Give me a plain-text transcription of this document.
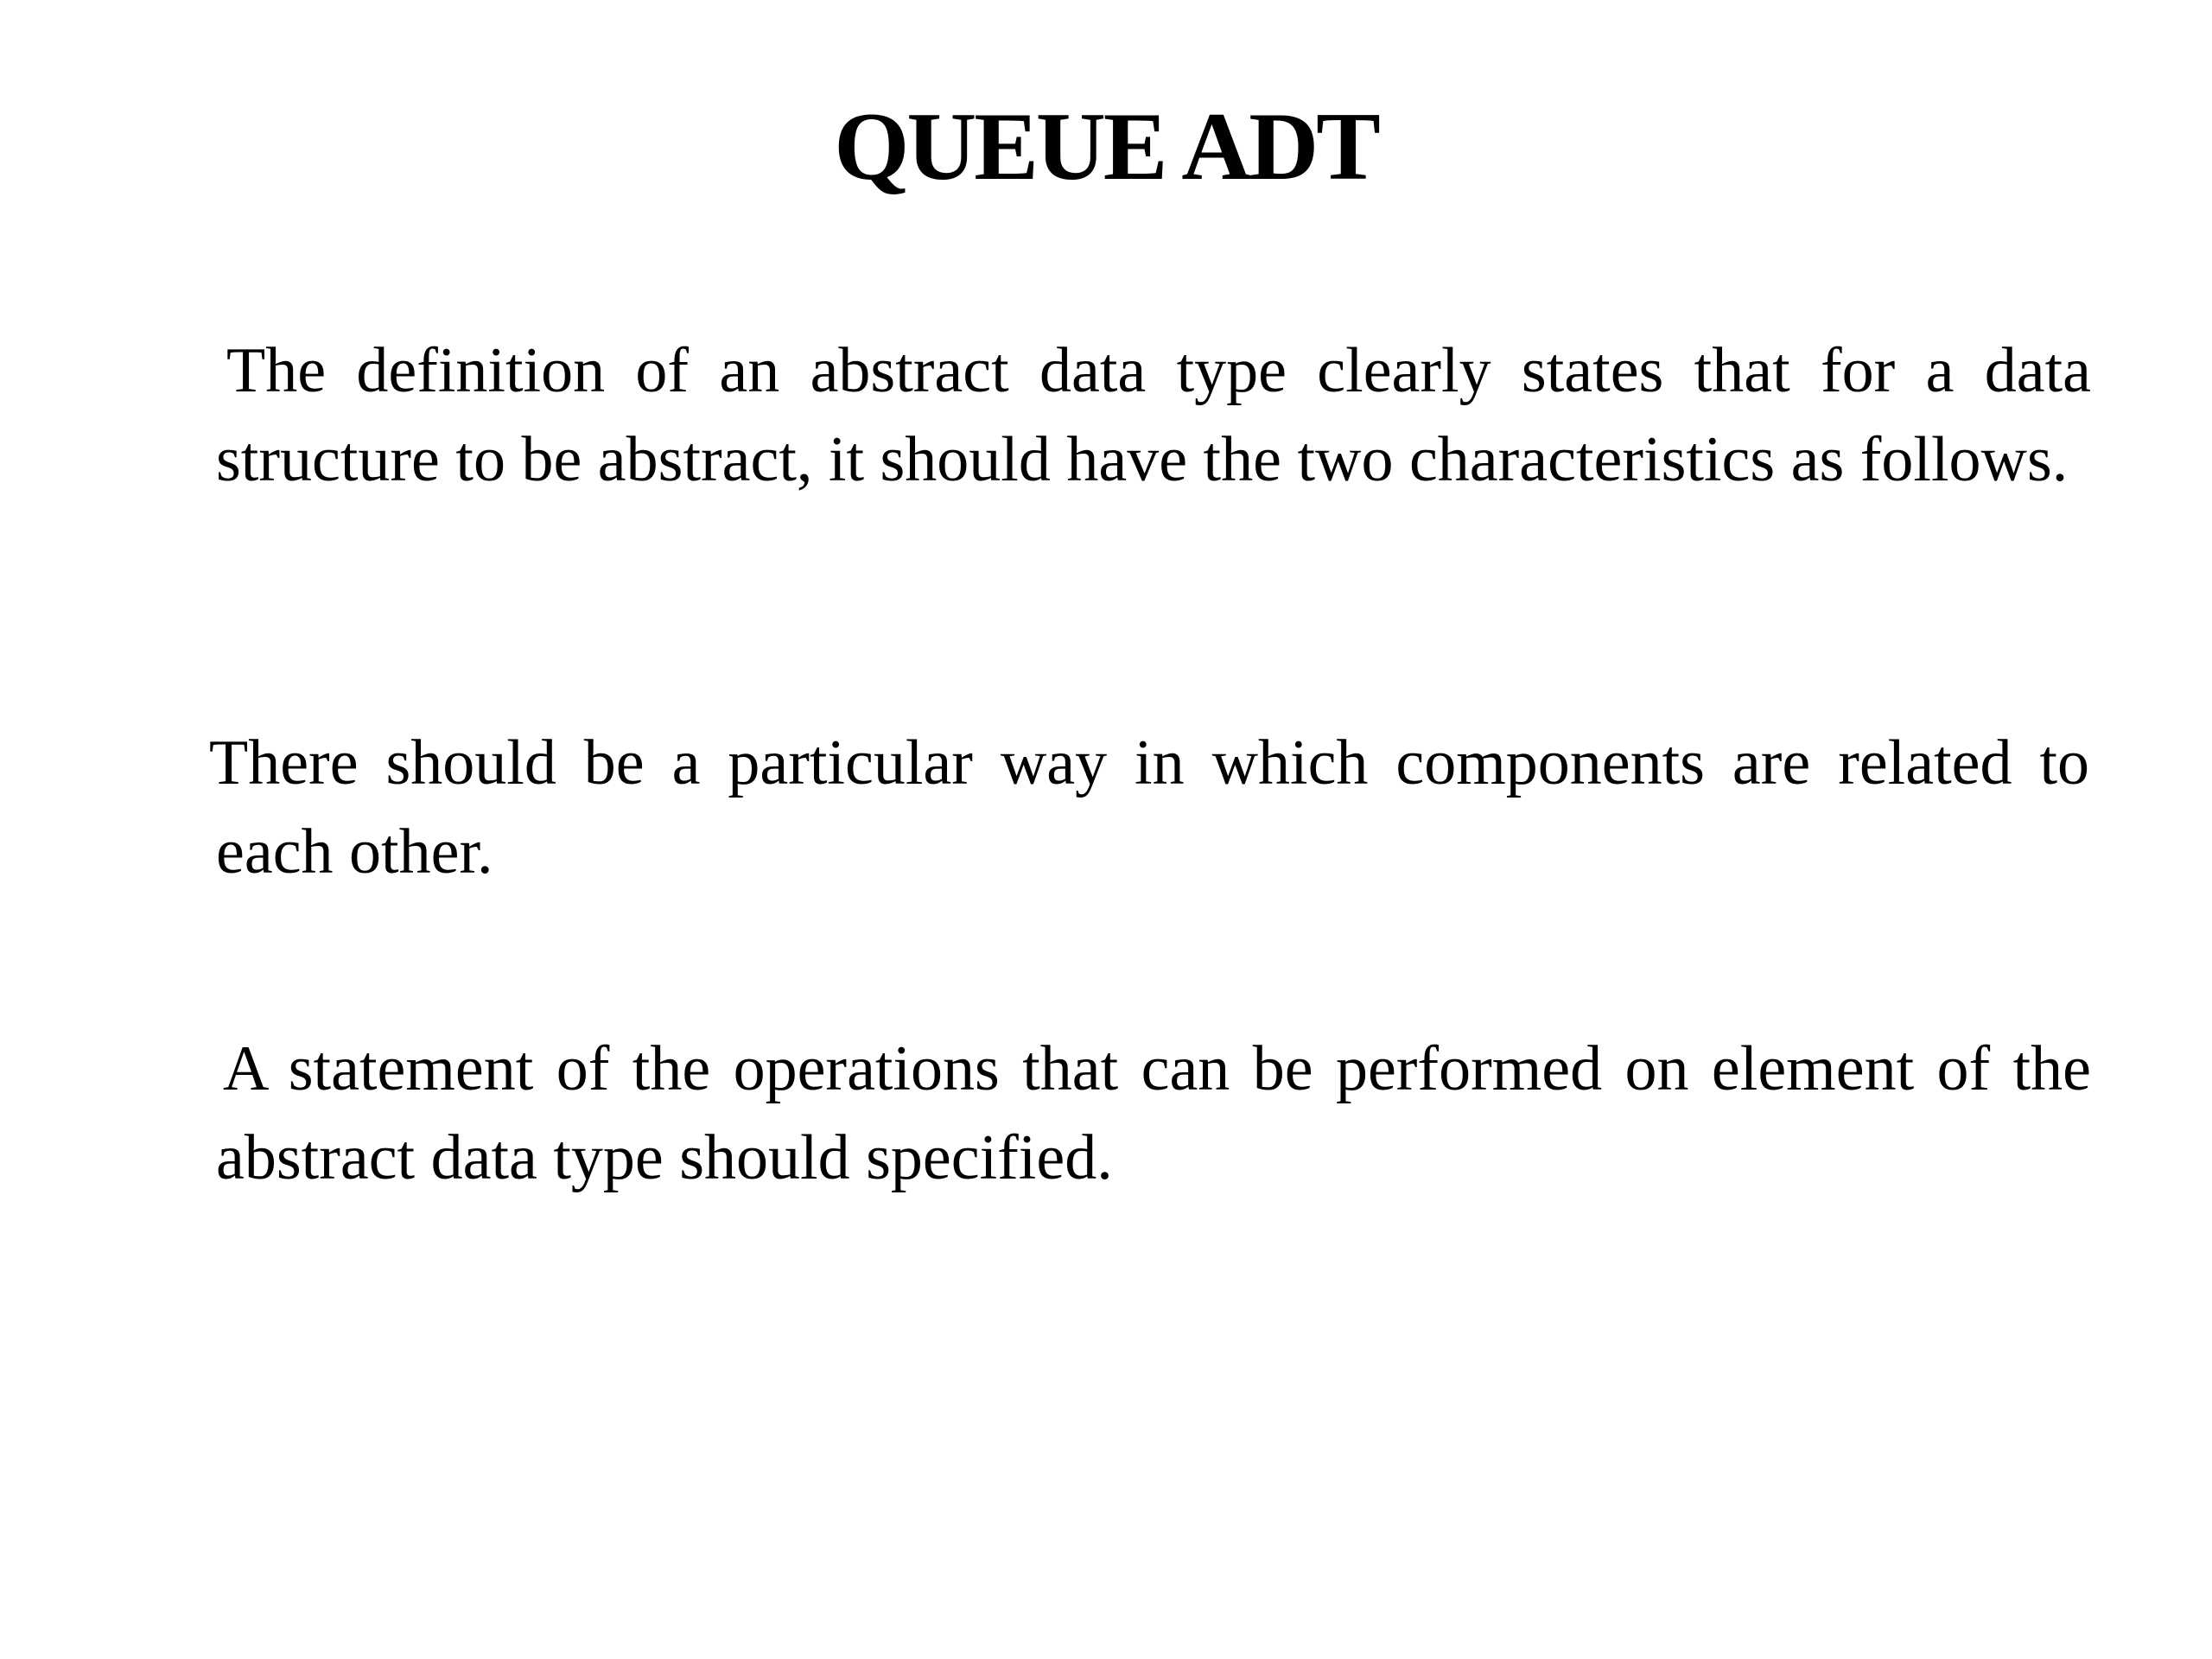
QUEUE ADT

The definition of an abstract data type clearly states that for a data structure to be abstract, it should have the two characteristics as follows.

There should be a particular way in which components are related to each other.

A statement of the operations that can be performed on element of the abstract data type should specified.
